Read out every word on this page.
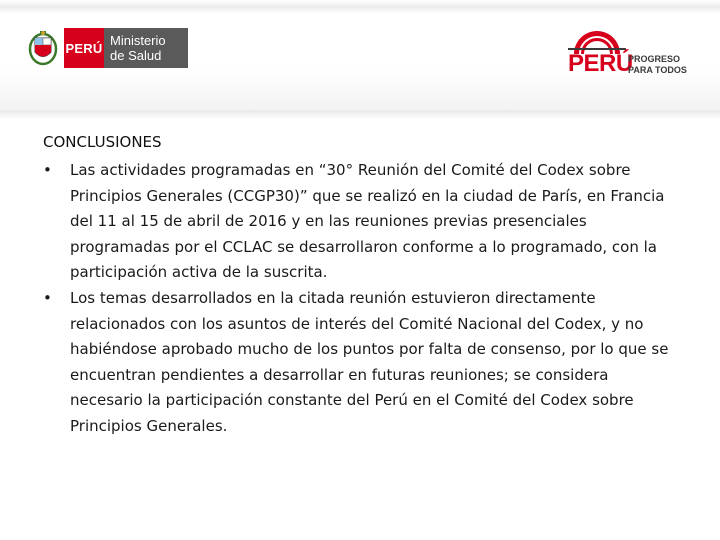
PERÚ Ministerio
de Salud	PERÚ
PROGRESO
PARA TODOS
CONCLUSIONES
• Las actividades programadas en “30° Reunión del Comité del Codex sobre Principios Generales (CCGP30)” que se realizó en la ciudad de París, en Francia del 11 al 15 de abril de 2016 y en las reuniones previas presenciales programadas por el CCLAC se desarrollaron conforme a lo programado, con la participación activa de la suscrita.
• Los temas desarrollados en la citada reunión estuvieron directamente relacionados con los asuntos de interés del Comité Nacional del Codex, y no habiéndose aprobado mucho de los puntos por falta de consenso, por lo que se encuentran pendientes a desarrollar en futuras reuniones; se considera necesario la participación constante del Perú en el Comité del Codex sobre Principios Generales.
